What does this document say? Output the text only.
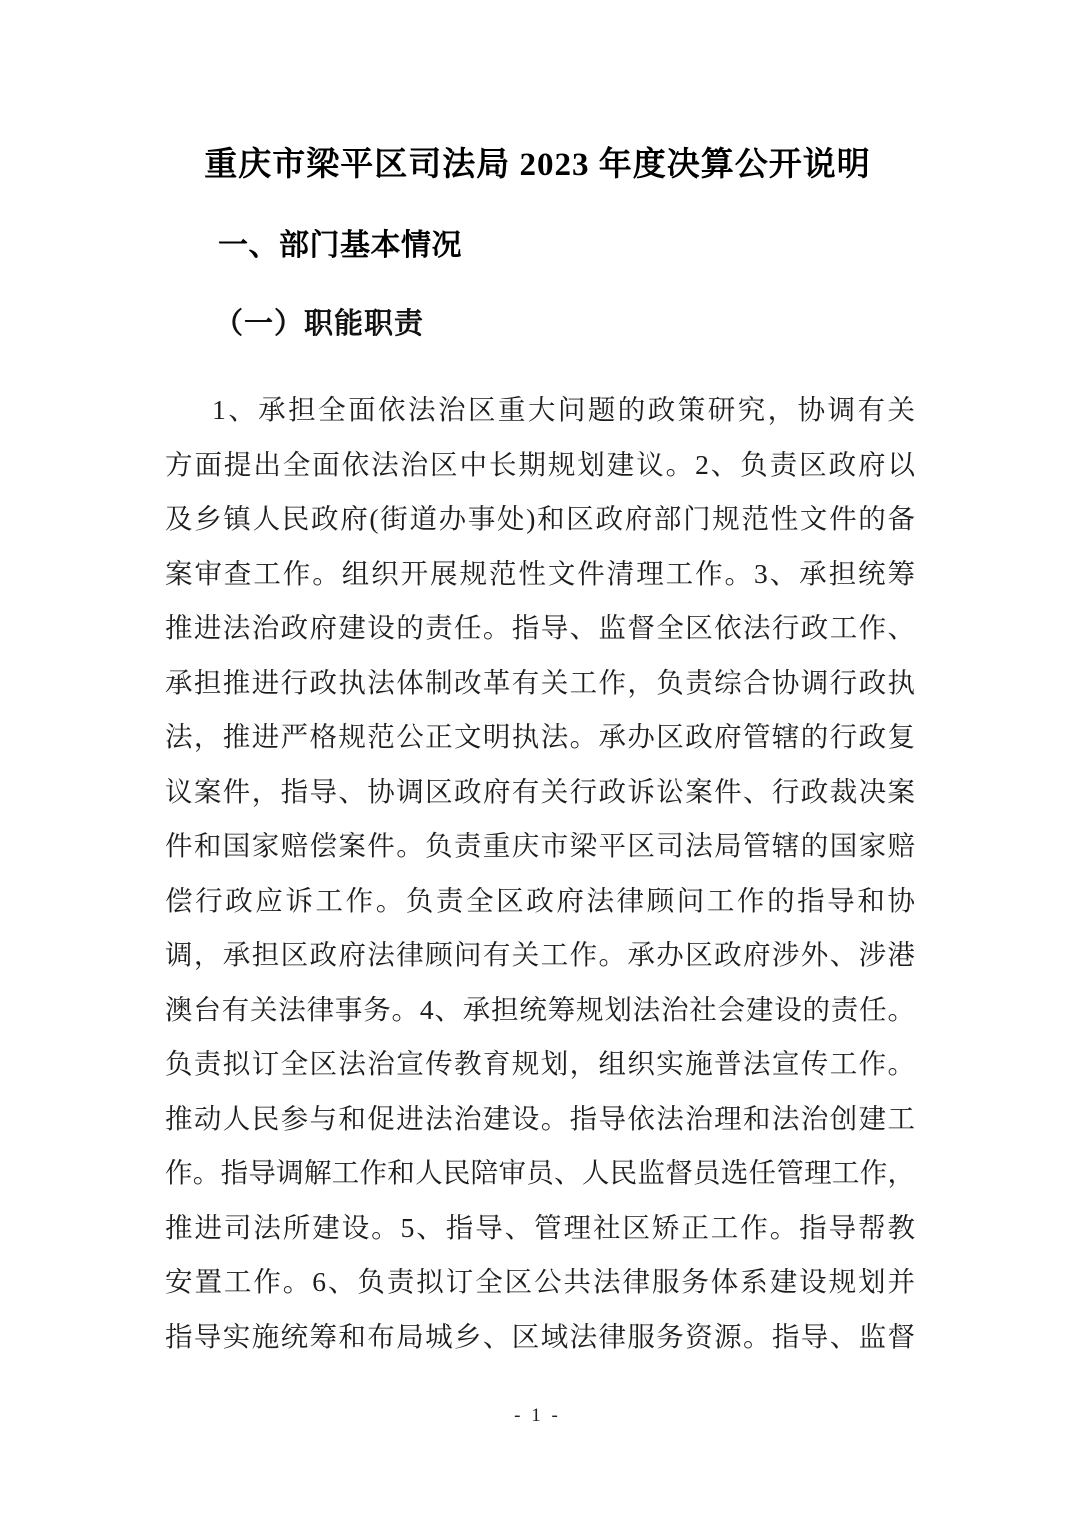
重庆市梁平区司法局 2023 年度决算公开说明
一、部门基本情况
（一）职能职责
1、承担全面依法治区重大问题的政策研究，协调有关
方面提出全面依法治区中长期规划建议。2、负责区政府以
及乡镇人民政府(街道办事处)和区政府部门规范性文件的备
案审查工作。组织开展规范性文件清理工作。3、承担统筹
推进法治政府建设的责任。指导、监督全区依法行政工作、
承担推进行政执法体制改革有关工作，负责综合协调行政执
法，推进严格规范公正文明执法。承办区政府管辖的行政复
议案件，指导、协调区政府有关行政诉讼案件、行政裁决案
件和国家赔偿案件。负责重庆市梁平区司法局管辖的国家赔
偿行政应诉工作。负责全区政府法律顾问工作的指导和协
调，承担区政府法律顾问有关工作。承办区政府涉外、涉港
澳台有关法律事务。4、承担统筹规划法治社会建设的责任。
负责拟订全区法治宣传教育规划，组织实施普法宣传工作。
推动人民参与和促进法治建设。指导依法治理和法治创建工
作。指导调解工作和人民陪审员、人民监督员选任管理工作，
推进司法所建设。5、指导、管理社区矫正工作。指导帮教
安置工作。6、负责拟订全区公共法律服务体系建设规划并
指导实施统筹和布局城乡、区域法律服务资源。指导、监督
- 1 -
